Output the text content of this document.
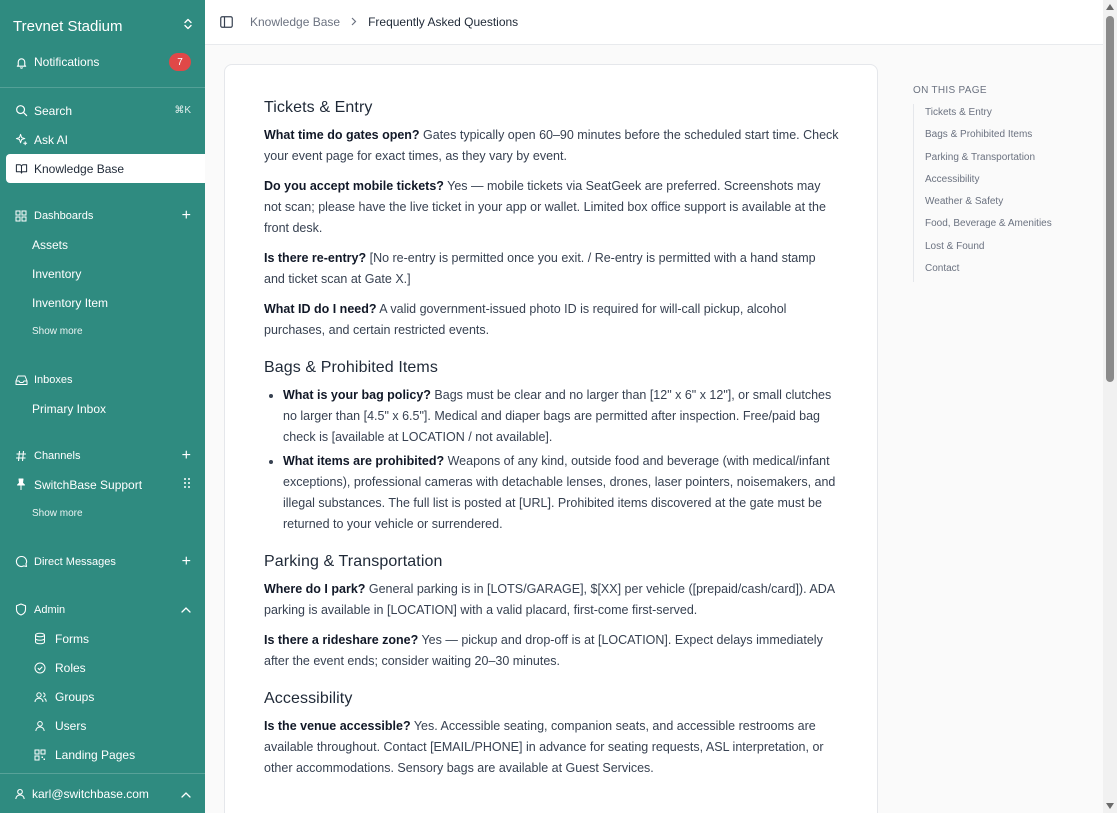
Trevnet Stadium
Notifications	7
Search	⌘K
Ask AI
Knowledge Base
Dashboards	+
Assets
Inventory
Inventory Item
Show more
Inboxes
Primary Inbox
Channels	+
SwitchBase Support
Show more
Direct Messages	+
Admin
Forms
Roles
Groups
Users
Landing Pages
karl@switchbase.com
Knowledge Base Frequently Asked Questions
Tickets & Entry

What time do gates open? Gates typically open 60–90 minutes before the scheduled start time. Check your event page for exact times, as they vary by event.

Do you accept mobile tickets? Yes — mobile tickets via SeatGeek are preferred. Screenshots may not scan; please have the live ticket in your app or wallet. Limited box office support is available at the front desk.

Is there re-entry? [No re-entry is permitted once you exit. / Re-entry is permitted with a hand stamp and ticket scan at Gate X.]

What ID do I need? A valid government-issued photo ID is required for will-call pickup, alcohol purchases, and certain restricted events.

Bags & Prohibited Items
• What is your bag policy? Bags must be clear and no larger than [12" x 6" x 12"], or small clutches no larger than [4.5" x 6.5"]. Medical and diaper bags are permitted after inspection. Free/paid bag check is [available at LOCATION / not available].
• What items are prohibited? Weapons of any kind, outside food and beverage (with medical/infant exceptions), professional cameras with detachable lenses, drones, laser pointers, noisemakers, and illegal substances. The full list is posted at [URL]. Prohibited items discovered at the gate must be returned to your vehicle or surrendered.
Parking & Transportation

Where do I park? General parking is in [LOTS/GARAGE], $[XX] per vehicle ([prepaid/cash/card]). ADA parking is available in [LOCATION] with a valid placard, first-come first-served.

Is there a rideshare zone? Yes — pickup and drop-off is at [LOCATION]. Expect delays immediately after the event ends; consider waiting 20–30 minutes.

Accessibility

Is the venue accessible? Yes. Accessible seating, companion seats, and accessible restrooms are available throughout. Contact [EMAIL/PHONE] in advance for seating requests, ASL interpretation, or other accommodations. Sensory bags are available at Guest Services.

ON THIS PAGE
Tickets & Entry
Bags & Prohibited Items
Parking & Transportation
Accessibility
Weather & Safety
Food, Beverage & Amenities
Lost & Found
Contact
